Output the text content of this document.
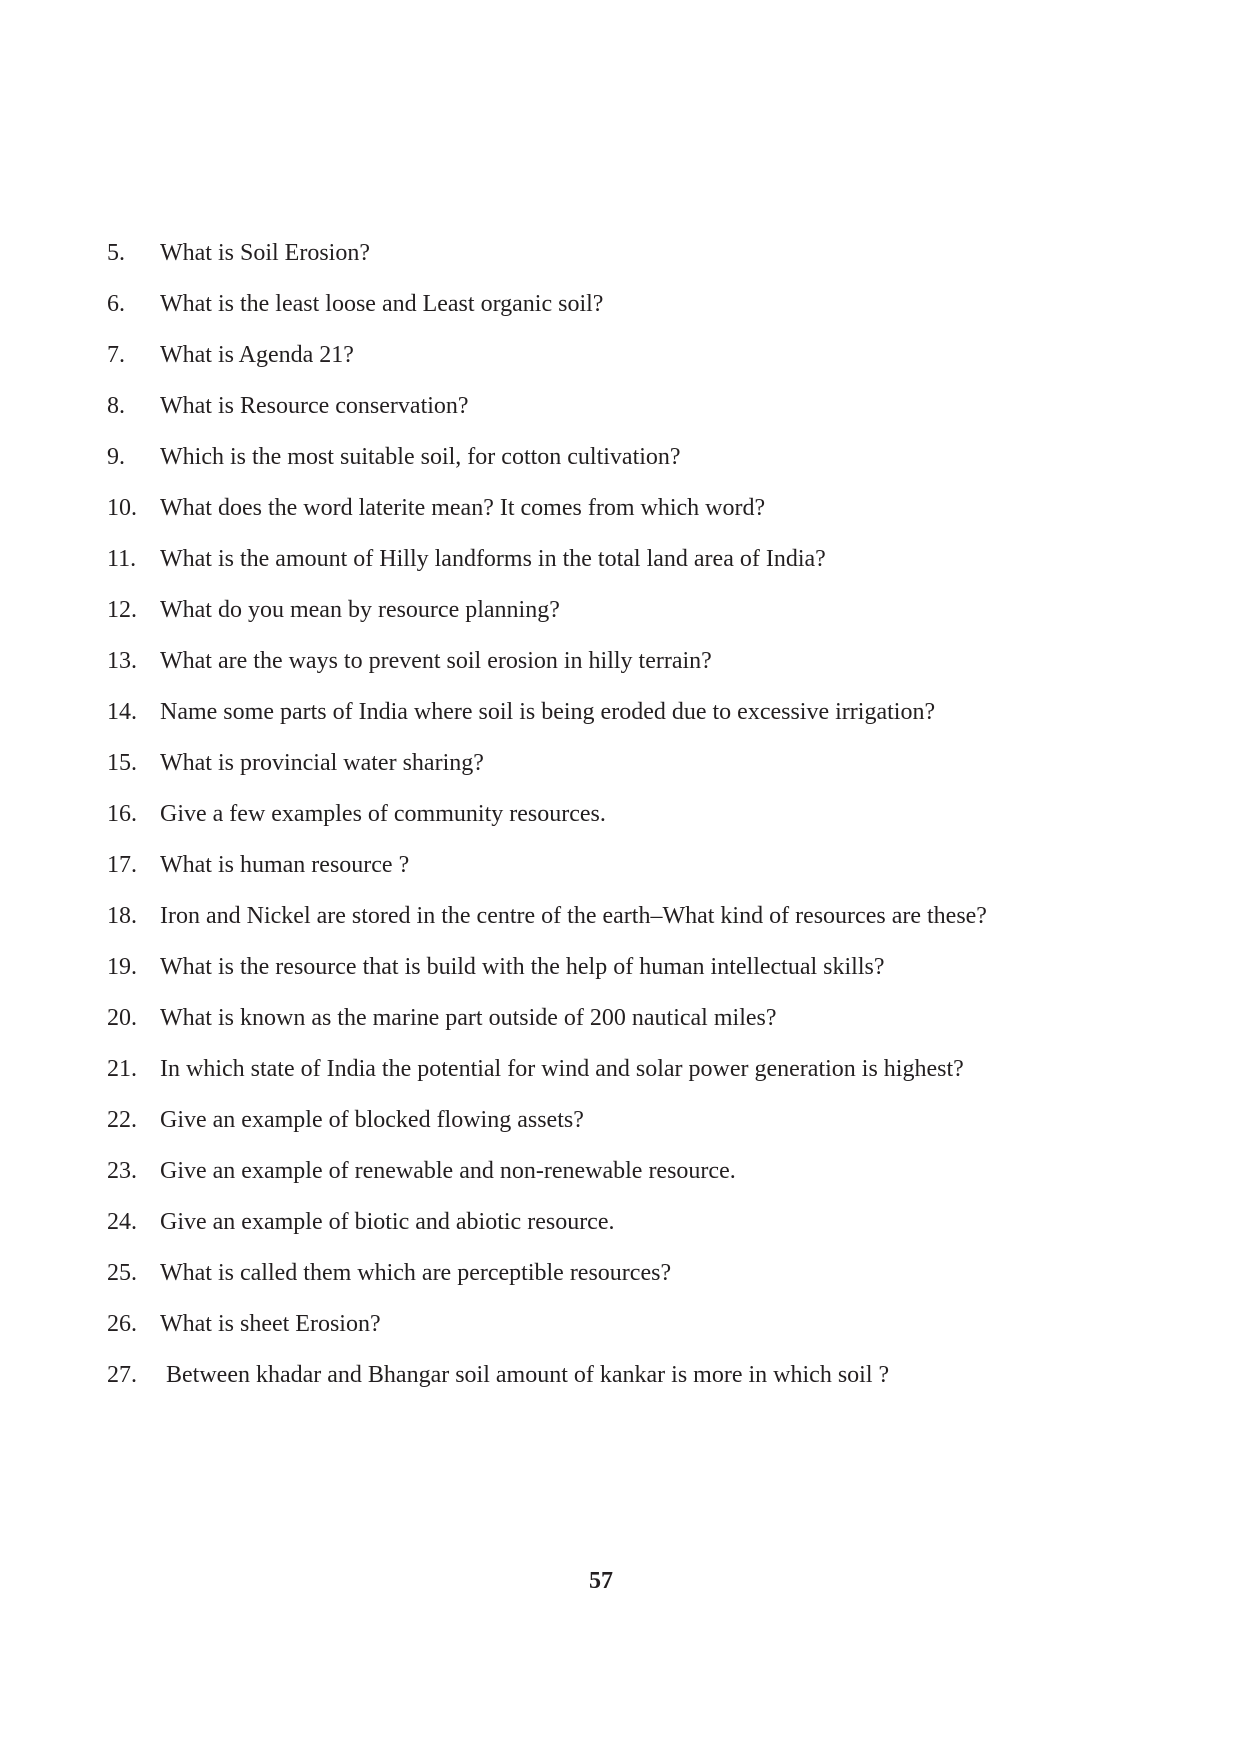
5.	What is Soil Erosion?
6.	What is the least loose and Least organic soil?
7.	What is Agenda 21?
8.	What is Resource conservation?
9.	Which is the most suitable soil, for cotton cultivation?
10. What does the word laterite mean? It comes from which word?
11. What is the amount of Hilly landforms in the total land area of India?
12. What do you mean by resource planning?
13. What are the ways to prevent soil erosion in hilly terrain?
14. Name some parts of India where soil is being eroded due to excessive irrigation?
15. What is provincial water sharing?
16. Give a few examples of community resources.
17. What is human resource ?
18. Iron and Nickel are stored in the centre of the earth–What kind of resources are these?
19. What is the resource that is build with the help of human intellectual skills?
20. What is known as the marine part outside of 200 nautical miles?
21. In which state of India the potential for wind and solar power generation is highest?
22. Give an example of blocked flowing assets?
23. Give an example of renewable and non-renewable resource.
24. Give an example of biotic and abiotic resource.
25. What is called them which are perceptible resources?
26. What is sheet Erosion?
27. Between khadar and Bhangar soil amount of kankar is more in which soil ?
57
